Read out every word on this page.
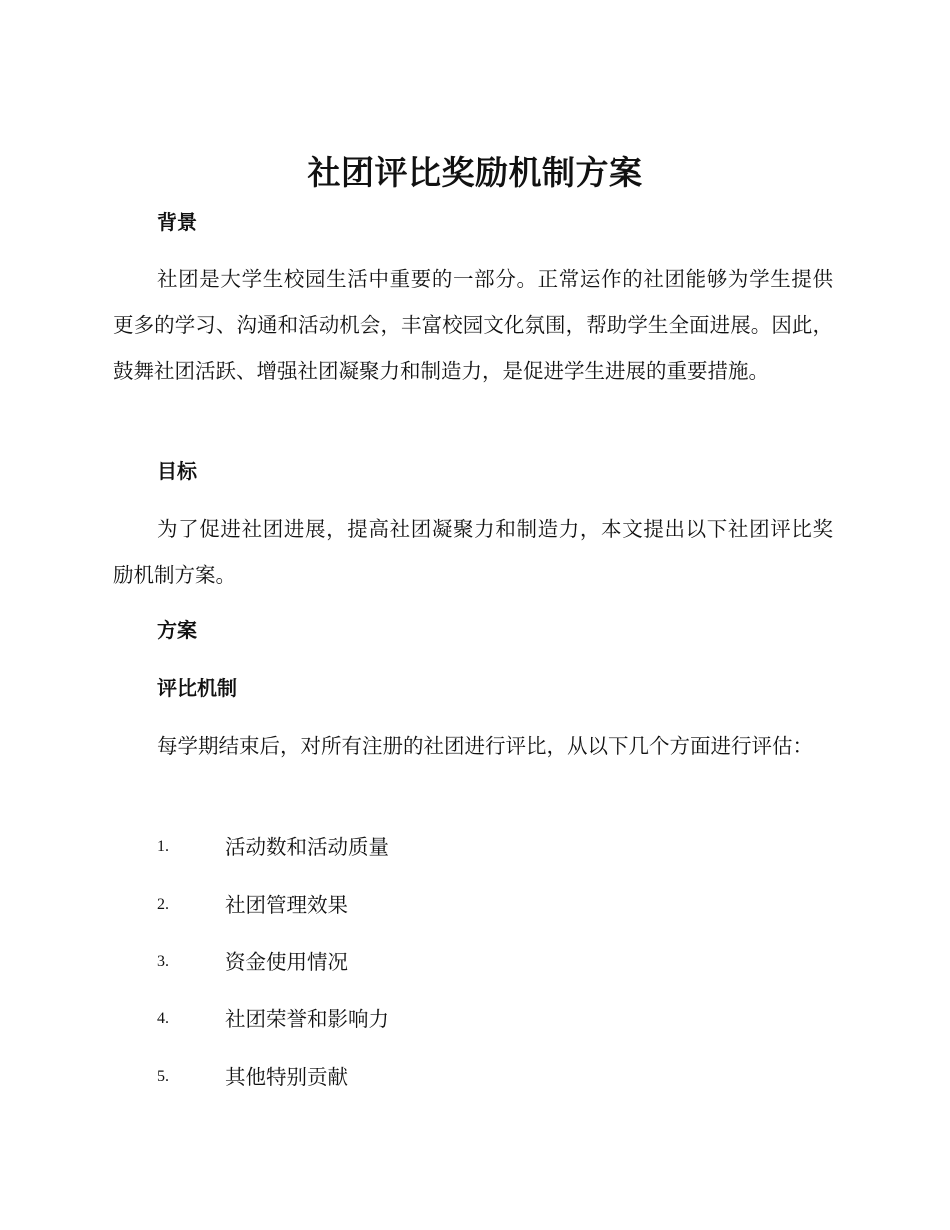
社团评比奖励机制方案
背景

社团是大学生校园生活中重要的一部分。正常运作的社团能够为学生提供更多的学习、沟通和活动机会，丰富校园文化氛围，帮助学生全面进展。因此，鼓舞社团活跃、增强社团凝聚力和制造力，是促进学生进展的重要措施。

目标

为了促进社团进展，提高社团凝聚力和制造力，本文提出以下社团评比奖励机制方案。

方案
评比机制

每学期结束后，对所有注册的社团进行评比，从以下几个方面进行评估：

1.	活动数和活动质量
2.	社团管理效果
3.	资金使用情况
4.	社团荣誉和影响力
5.	其他特别贡献
